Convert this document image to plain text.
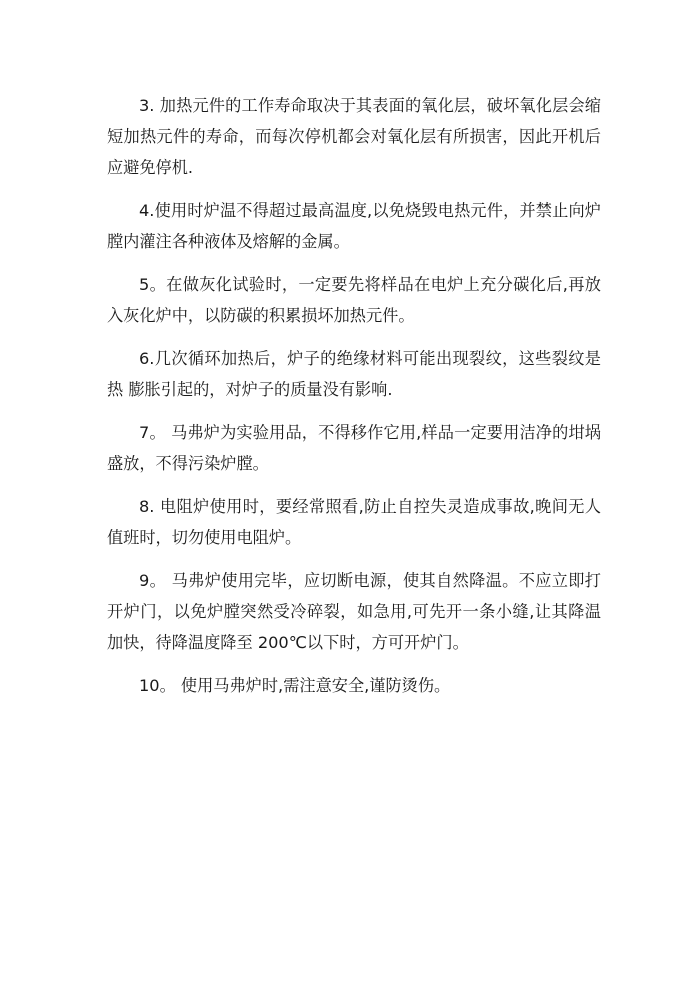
3. 加热元件的工作寿命取决于其表面的氧化层，破坏氧化层会缩短加热元件的寿命，而每次停机都会对氧化层有所损害，因此开机后应避免停机.

4.使用时炉温不得超过最高温度,以免烧毁电热元件，并禁止向炉 膛内灌注各种液体及熔解的金属。

5。在做灰化试验时，一定要先将样品在电炉上充分碳化后,再放入灰化炉中，以防碳的积累损坏加热元件。

6.几次循环加热后，炉子的绝缘材料可能出现裂纹，这些裂纹是热 膨胀引起的，对炉子的质量没有影响.

7。 马弗炉为实验用品，不得移作它用,样品一定要用洁净的坩埚盛放，不得污染炉膛。

8. 电阻炉使用时，要经常照看,防止自控失灵造成事故,晚间无人 值班时，切勿使用电阻炉。

9。 马弗炉使用完毕，应切断电源，使其自然降温。不应立即打开炉门，以免炉膛突然受冷碎裂，如急用,可先开一条小缝,让其降温 加快，待降温度降至 200℃以下时，方可开炉门。

10。 使用马弗炉时,需注意安全,谨防烫伤。
